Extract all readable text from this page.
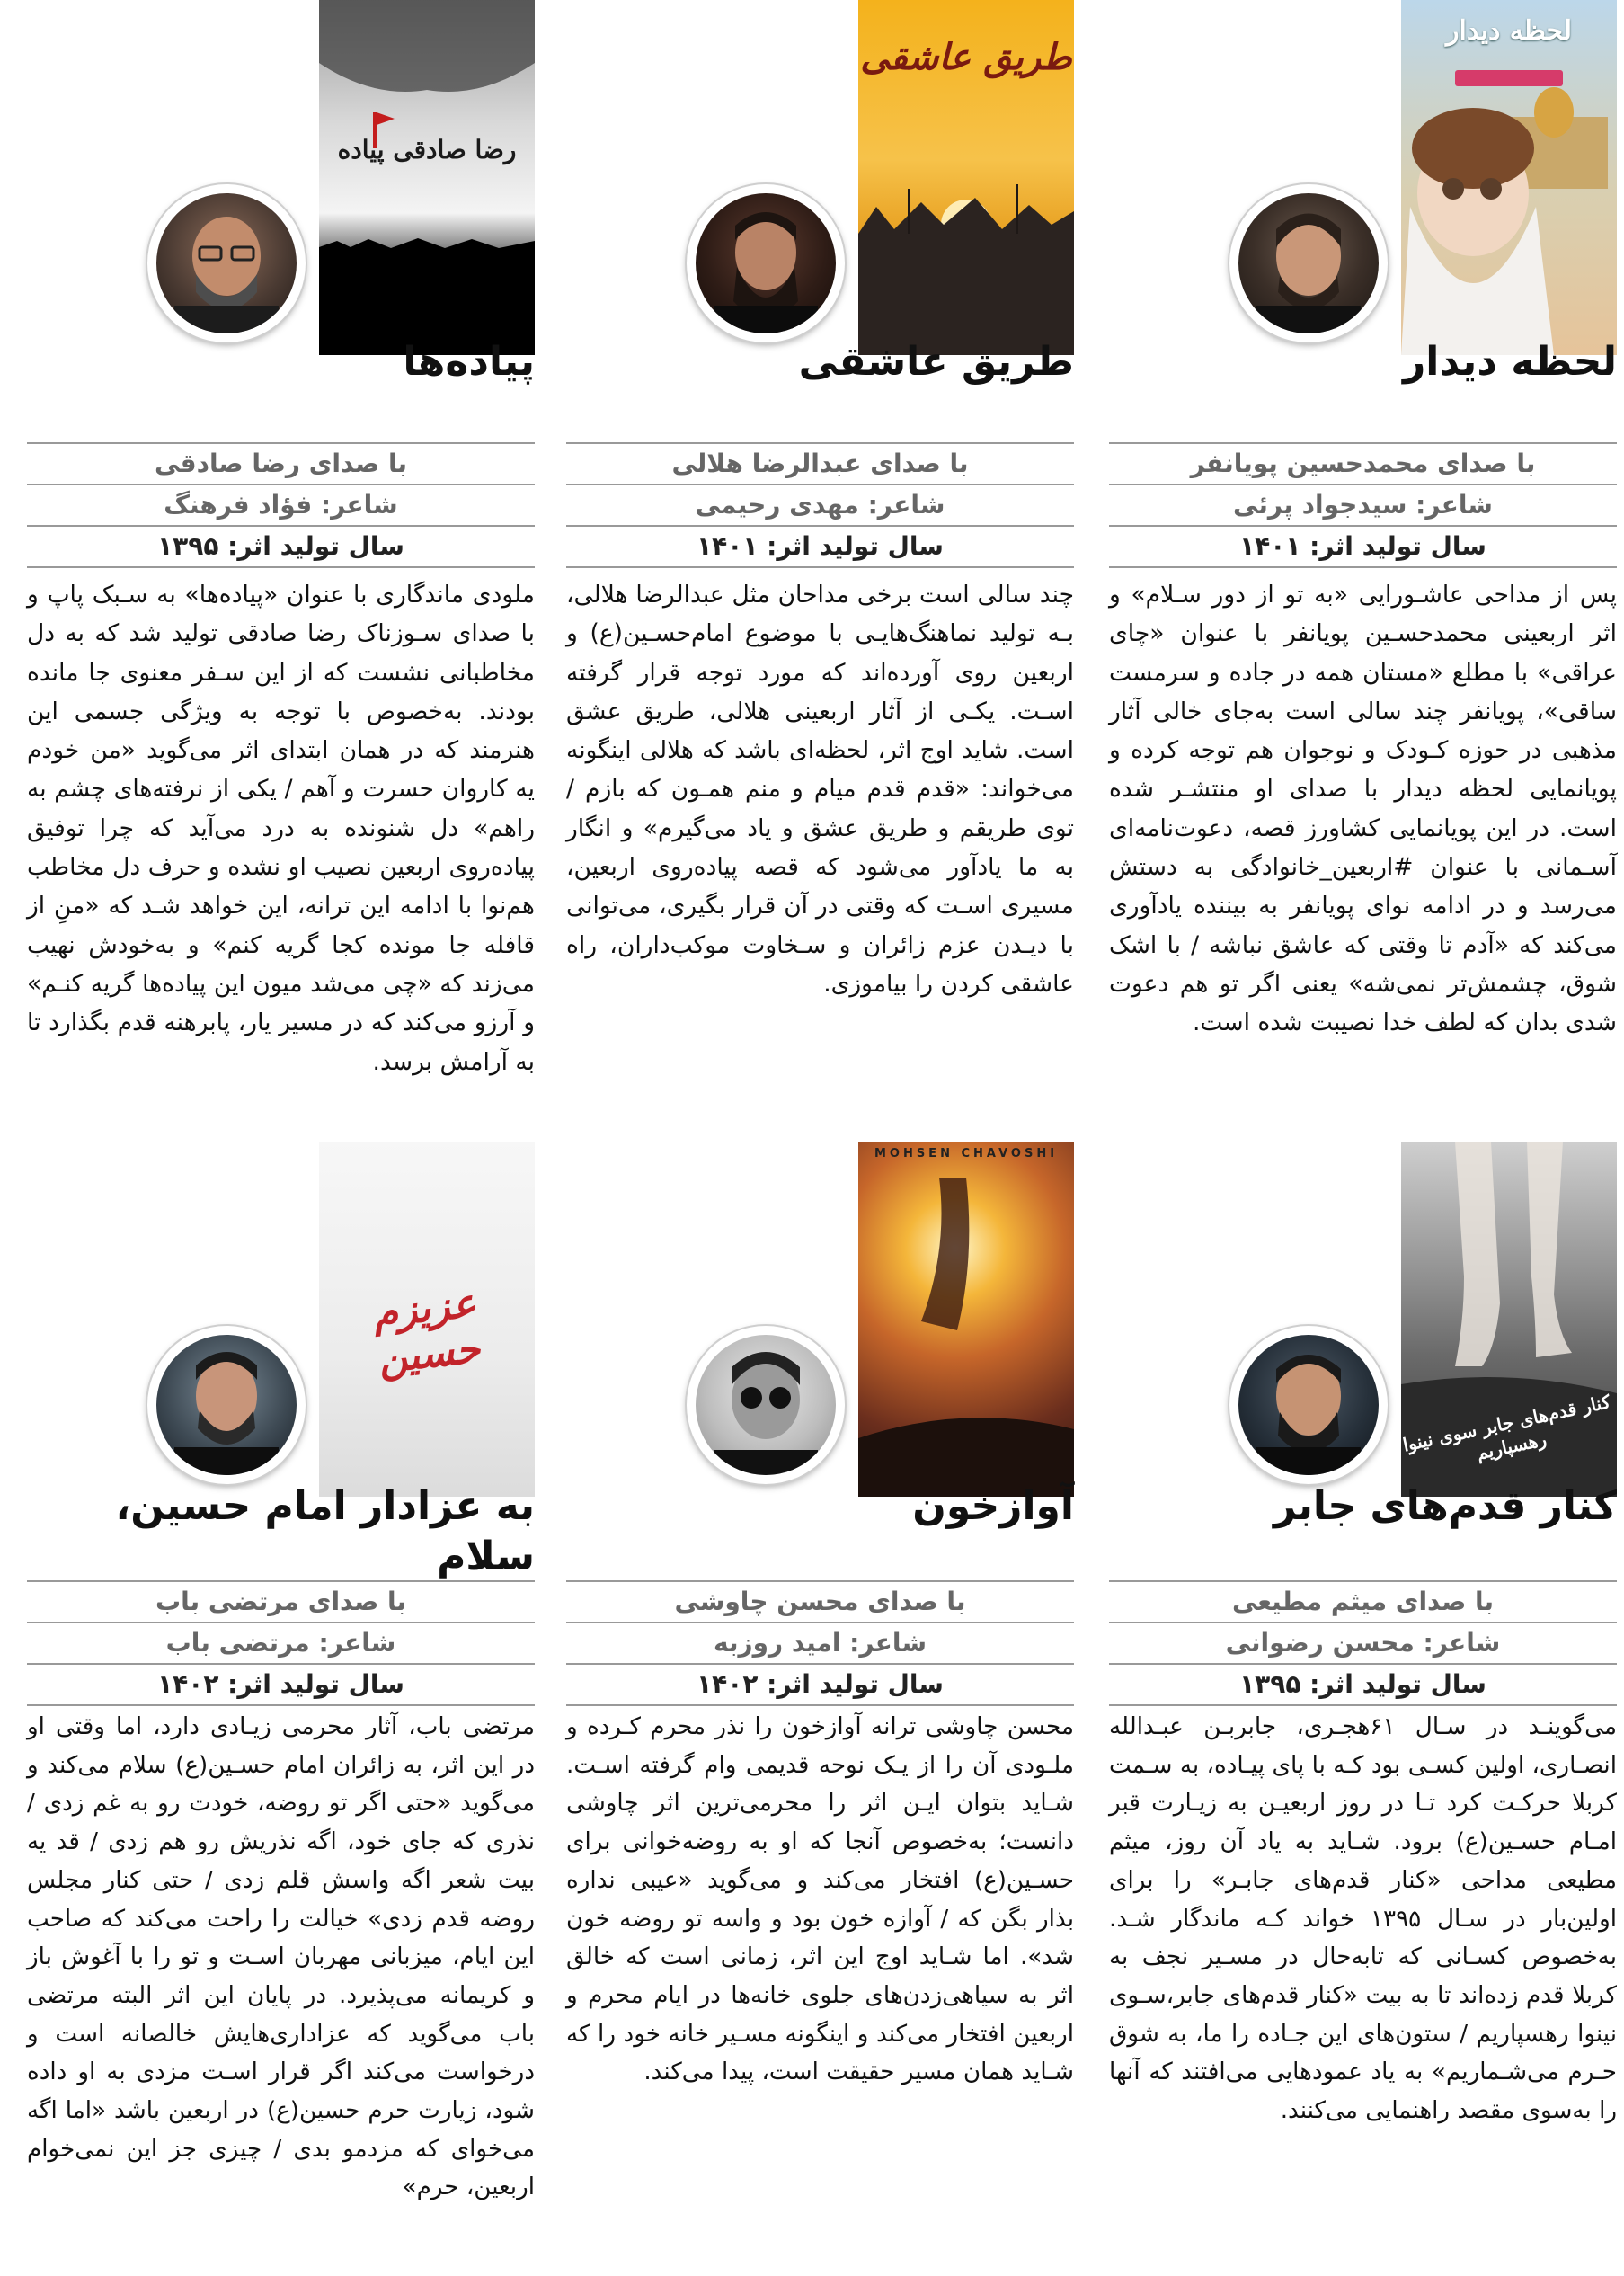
لحظه دیدار
لحظه دیدار
با صدای محمدحسین پویانفر
شاعر: سیدجواد پرئی
سال تولید اثر: ۱۴۰۱
پس از مداحی عاشـورایی «به تو از دور سـلام» و اثر اربعینی محمدحسـین پویانفر با عنوان «چای عراقی» با مطلع «مستان همه در جاده و سرمست ساقی»، پویانفر چند سالی است به‌جای خالی آثار مذهبی در حوزه کـودک و نوجوان هم توجه کرده و پویانمایی لحظه دیدار با صدای او منتشـر شده است. در این پویانمایی کشاورز قصه، دعوت‌نامه‌ای آسـمانی با عنوان #اربعین_خانوادگی به دستش می‌رسد و در ادامه نوای پویانفر به بیننده یادآوری می‌کند که «آدم تا وقتی که عاشق نباشه / با اشک شوق، چشمش‌تر نمی‌شه» یعنی اگر تو هم دعوت شدی بدان که لطف خدا نصیبت شده است.
طریق عاشقی
طریق عاشقی
با صدای عبدالرضا هلالی
شاعر: مهدی رحیمی
سال تولید اثر: ۱۴۰۱
چند سالی است برخی مداحان مثل عبدالرضا هلالی، بـه تولید نماهنگ‌هایـی با موضوع امام‌حسـین(ع) و اربعین روی آورده‌اند که مورد توجه قرار گرفته اسـت. یکـی از آثار اربعینی هلالی، طریق عشق است. شاید اوج اثر، لحظه‌ای باشد که هلالی اینگونه می‌خواند: «قدم قدم میام و منم همـون که بازم / توی طریقم و طریق عشق و یاد می‌گیرم» و انگار به ما یادآور می‌شود که قصه پیاده‌روی اربعین، مسیری اسـت که وقتی در آن قرار بگیری، می‌توانی با دیـدن عزم زائران و سـخاوت موکب‌داران، راه عاشقی کردن را بیاموزی.
رضا صادقی پیاده
پیاده‌ها
با صدای رضا صادقی
شاعر: فؤاد فرهنگ
سال تولید اثر: ۱۳۹۵
ملودی ماندگاری با عنوان «پیاده‌ها» به سـبک پاپ و با صدای سـوزناک رضا صادقی تولید شد که به دل مخاطبانی نشست که از این سـفر معنوی جا مانده بودند. به‌خصوص با توجه به ویژگی جسمی این هنرمند که در همان ابتدای اثر می‌گوید «من خودم یه کاروان حسرت و آهم / یکی از نرفته‌های چشم به راهم» دل شنونده به درد می‌آید که چرا توفیق پیاده‌روی اربعین نصیب او نشده و حرف دل مخاطب هم‌نوا با ادامه این ترانه، این خواهد شـد که «منِ از قافله جا مونده کجا گریه کنم» و به‌خودش نهیب می‌زند که «چی می‌شد میون این پیاده‌ها گریه کنـم» و آرزو می‌کند که در مسیر یار، پابرهنه قدم بگذارد تا به آرامش برسد.
کنار قدم‌های جابر سوی نینوا رهسپاریم
کنار قدم‌های جابر
با صدای میثم مطیعی
شاعر: محسن رضوانی
سال تولید اثر: ۱۳۹۵
می‌گوینـد در سـال ۶۱هجـری، جابربـن عبـدالله انصـاری، اولین کسـی بود کـه با پای پیـاده، به سـمت کربلا حرکـت کرد تـا در روز اربعیـن به زیـارت قبر امـام حسـین(ع) برود. شـاید به یاد آن روز، میثم مطیعی مداحی «کنار قدم‌های جابـر» را برای اولین‌بار در سـال ۱۳۹۵ خواند کـه ماندگار شـد. به‌خصوص کسـانی که تابه‌حال در مسـیر نجف به کربلا قدم زده‌اند تا به بیت «کنار قدم‌های جابر،سـوی نینوا رهسپاریم / ستون‌های این جـاده را ما، به شوق حـرم می‌شـماریم» به یاد عمودهایی می‌افتند که آنها را به‌سوی مقصد راهنمایی می‌کنند.
MOHSEN CHAVOSHI
آوازخون
با صدای محسن چاوشی
شاعر: امید روزبه
سال تولید اثر: ۱۴۰۲
محسن چاوشی ترانه آوازخون را نذر محرم کـرده و ملـودی آن را از یـک نوحه قدیمی وام گرفته اسـت. شـاید بتوان ایـن اثر را محرمی‌ترین اثر چاوشی دانست؛ به‌خصوص آنجا که او به روضه‌خوانی برای حسـین(ع) افتخار می‌کند و می‌گوید «عیبی نداره بذار بگن که / آوازه خون بود و واسه تو روضه خون شد». اما شـاید اوج این اثر، زمانی است که خالق اثر به سیاهی‌زدن‌های جلوی خانه‌ها در ایام محرم و اربعین افتخار می‌کند و اینگونه مسـیر خانه خود را که شـاید همان مسیر حقیقت است، پیدا می‌کند.
عزیزم حسین
به عزادار امام حسین، سلام
با صدای مرتضی باب
شاعر: مرتضی باب
سال تولید اثر: ۱۴۰۲
مرتضی باب، آثار محرمی زیـادی دارد، اما وقتی او در این اثر، به زائران امام حسـین(ع) سلام می‌کند و می‌گوید «حتی اگر تو روضه، خودت رو به غم زدی / نذری که جای خود، اگه نذریش رو هم زدی / قد یه بیت شعر اگه واسش قلم زدی / حتی کنار مجلس روضه قدم زدی» خیالت را راحت می‌کند که صاحب این ایام، میزبانی مهربان اسـت و تو را با آغوش باز و کریمانه می‌پذیرد. در پایان این اثر البته مرتضی باب می‌گوید که عزاداری‌هایش خالصانه است و درخواست می‌کند اگر قرار اسـت مزدی به او داده شود، زیارت حرم حسین(ع) در اربعین باشد «اما اگه می‌خوای که مزدمو بدی / چیزی جز این نمی‌خوام اربعین، حرم»
